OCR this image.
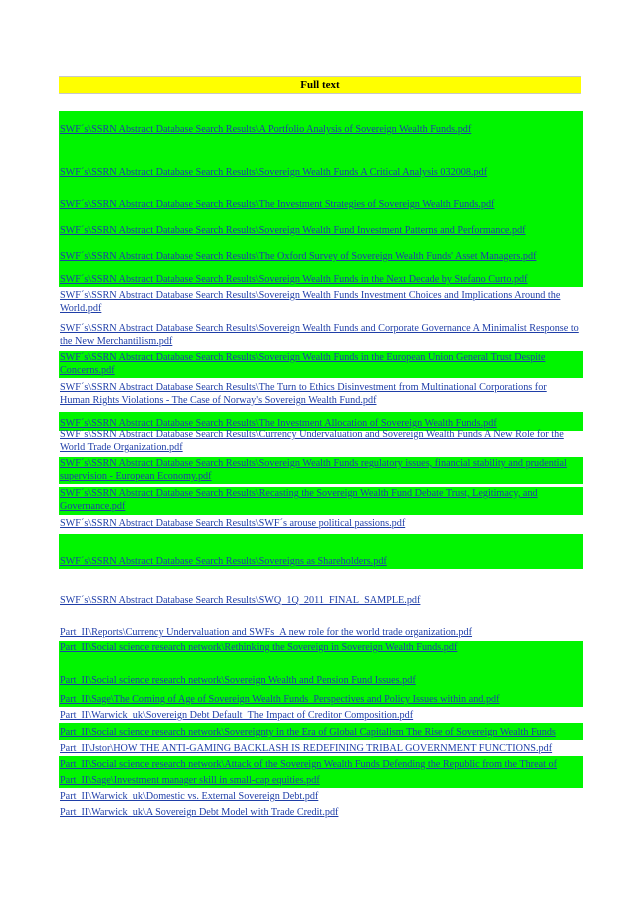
Full text
SWF´s\SSRN Abstract Database Search Results\A Portfolio Analysis of Sovereign Wealth Funds.pdf
SWF´s\SSRN Abstract Database Search Results\Sovereign Wealth Funds A Critical Analysis 032008.pdf
SWF´s\SSRN Abstract Database Search Results\The Investment Strategies of Sovereign Wealth Funds.pdf
SWF´s\SSRN Abstract Database Search Results\Sovereign Wealth Fund Investment Patterns and Performance.pdf
SWF´s\SSRN Abstract Database Search Results\The Oxford Survey of Sovereign Wealth Funds' Asset Managers.pdf
SWF´s\SSRN Abstract Database Search Results\Sovereign Wealth Funds in the Next Decade by Stefano Curto.pdf
SWF´s\SSRN Abstract Database Search Results\Sovereign Wealth Funds Investment Choices and Implications Around the World.pdf
SWF´s\SSRN Abstract Database Search Results\Sovereign Wealth Funds and Corporate Governance A Minimalist Response to the New Merchantilism.pdf
SWF´s\SSRN Abstract Database Search Results\Sovereign Wealth Funds in the European Union General Trust Despite Concerns.pdf
SWF´s\SSRN Abstract Database Search Results\The Turn to Ethics Disinvestment from Multinational Corporations for Human Rights Violations - The Case of Norway's Sovereign Wealth Fund.pdf
SWF´s\SSRN Abstract Database Search Results\The Investment Allocation of Sovereign Wealth Funds.pdf
SWF´s\SSRN Abstract Database Search Results\Currency Undervaluation and Sovereign Wealth Funds A New Role for the World Trade Organization.pdf
SWF´s\SSRN Abstract Database Search Results\Sovereign Wealth Funds regulatory issues, financial stability and prudential supervision - European Economy.pdf
SWF´s\SSRN Abstract Database Search Results\Recasting the Sovereign Wealth Fund Debate Trust, Legitimacy, and Governance.pdf
SWF´s\SSRN Abstract Database Search Results\SWF´s arouse political passions.pdf
SWF´s\SSRN Abstract Database Search Results\Sovereigns as Shareholders.pdf
SWF´s\SSRN Abstract Database Search Results\SWQ_1Q_2011_FINAL_SAMPLE.pdf
Part_II\Reports\Currency Undervaluation and SWFs_A new role for the world trade organization.pdf
Part_II\Social science research network\Rethinking the Sovereign in Sovereign Wealth Funds.pdf
Part_II\Social science research network\Sovereign Wealth and Pension Fund Issues.pdf
Part_II\Sage\The Coming of Age of Sovereign Wealth Funds_Perspectives and Policy Issues within and.pdf
Part_II\Warwick_uk\Sovereign Debt Default_The Impact of Creditor Composition.pdf
Part_II\Social science research network\Sovereignty in the Era of Global Capitalism The Rise of Sovereign Wealth Funds
Part_II\Jstor\HOW THE ANTI-GAMING BACKLASH IS REDEFINING TRIBAL GOVERNMENT FUNCTIONS.pdf
Part_II\Social science research network\Attack of the Sovereign Wealth Funds Defending the Republic from the Threat of
Part_II\Sage\Investment manager skill in small-cap equities.pdf
Part_II\Warwick_uk\Domestic vs. External Sovereign Debt.pdf
Part_II\Warwick_uk\A Sovereign Debt Model with Trade Credit.pdf
